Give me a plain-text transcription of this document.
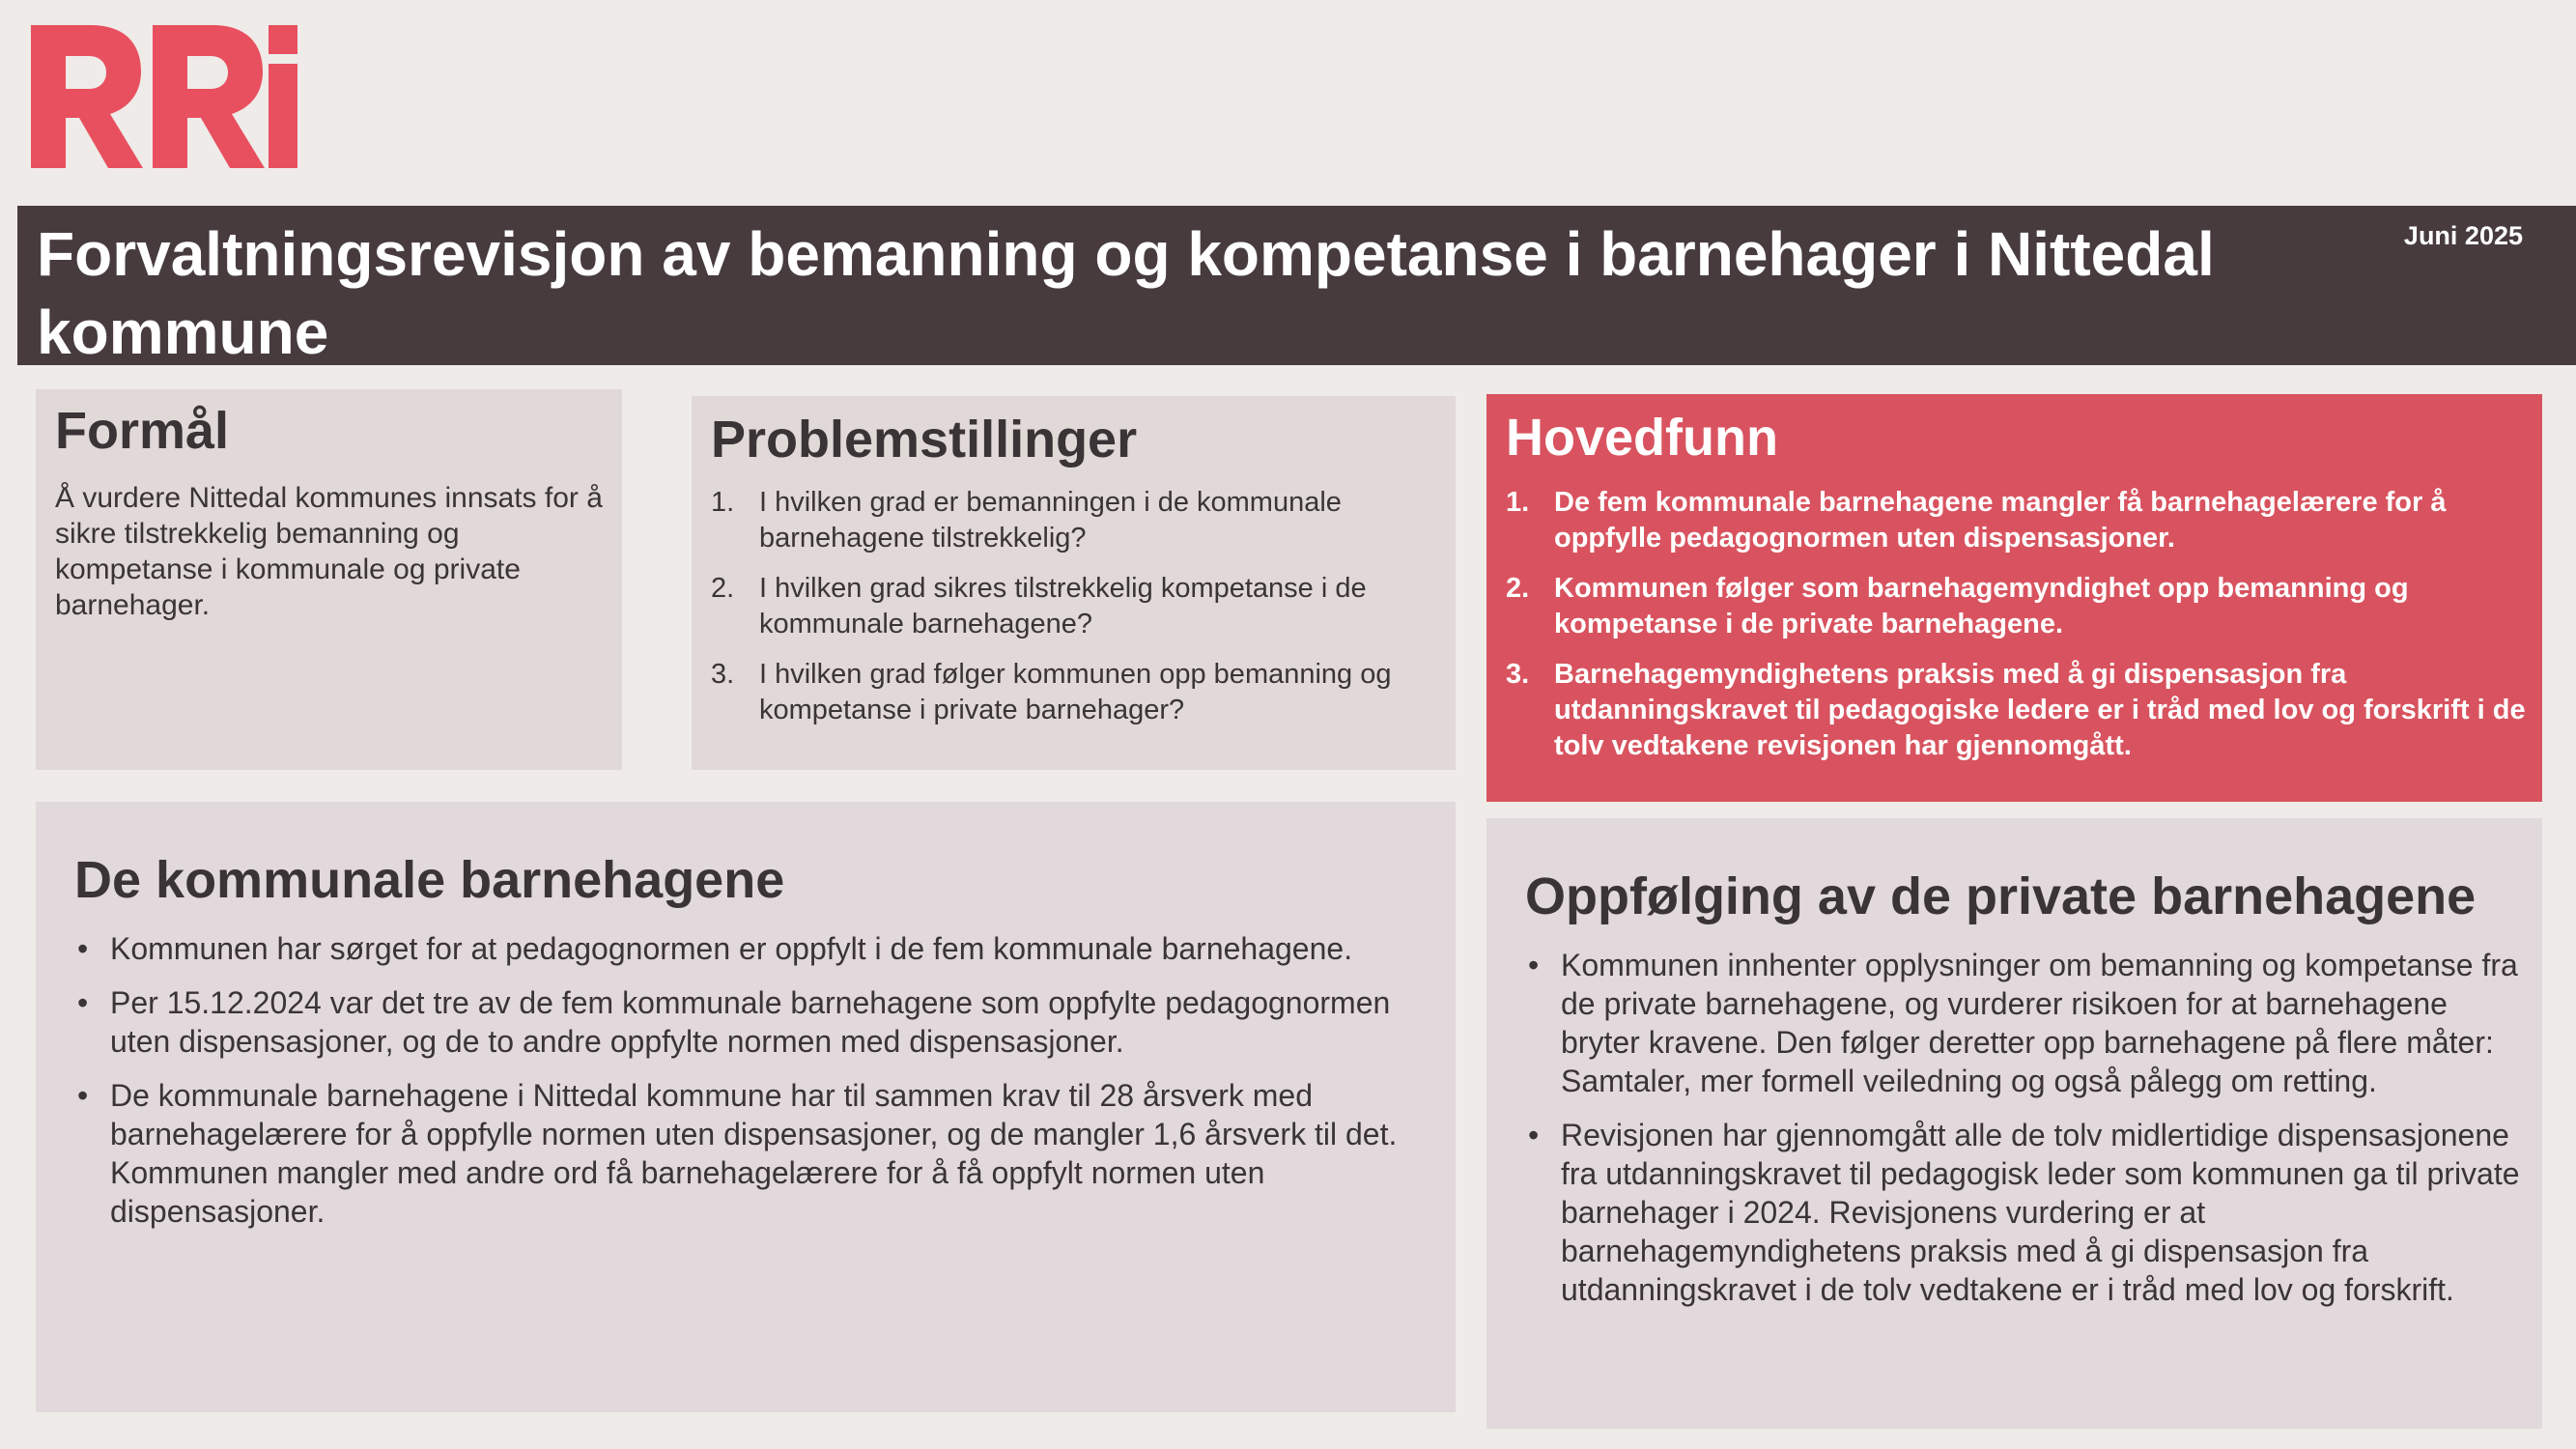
Forvaltningsrevisjon av bemanning og kompetanse i barnehager i Nittedal kommune
Juni 2025
Formål

Å vurdere Nittedal kommunes innsats for å sikre tilstrekkelig bemanning og kompetanse i kommunale og private barnehager.

Problemstillinger
1. I hvilken grad er bemanningen i de kommunale barnehagene tilstrekkelig?
2. I hvilken grad sikres tilstrekkelig kompetanse i de kommunale barnehagene?
3. I hvilken grad følger kommunen opp bemanning og kompetanse i private barnehager?
Hovedfunn
1. De fem kommunale barnehagene mangler få barnehagelærere for å oppfylle pedagognormen uten dispensasjoner.
2. Kommunen følger som barnehagemyndighet opp bemanning og kompetanse i de private barnehagene.
3. Barnehagemyndighetens praksis med å gi dispensasjon fra utdanningskravet til pedagogiske ledere er i tråd med lov og forskrift i de tolv vedtakene revisjonen har gjennomgått.
De kommunale barnehagene
• Kommunen har sørget for at pedagognormen er oppfylt i de fem kommunale barnehagene.
• Per 15.12.2024 var det tre av de fem kommunale barnehagene som oppfylte pedagognormen uten dispensasjoner, og de to andre oppfylte normen med dispensasjoner.
• De kommunale barnehagene i Nittedal kommune har til sammen krav til 28 årsverk med barnehagelærere for å oppfylle normen uten dispensasjoner, og de mangler 1,6 årsverk til det. Kommunen mangler med andre ord få barnehagelærere for å få oppfylt normen uten dispensasjoner.
Oppfølging av de private barnehagene
• Kommunen innhenter opplysninger om bemanning og kompetanse fra de private barnehagene, og vurderer risikoen for at barnehagene bryter kravene. Den følger deretter opp barnehagene på flere måter: Samtaler, mer formell veiledning og også pålegg om retting.
• Revisjonen har gjennomgått alle de tolv midlertidige dispensasjonene fra utdanningskravet til pedagogisk leder som kommunen ga til private barnehager i 2024. Revisjonens vurdering er at barnehagemyndighetens praksis med å gi dispensasjon fra utdanningskravet i de tolv vedtakene er i tråd med lov og forskrift.
